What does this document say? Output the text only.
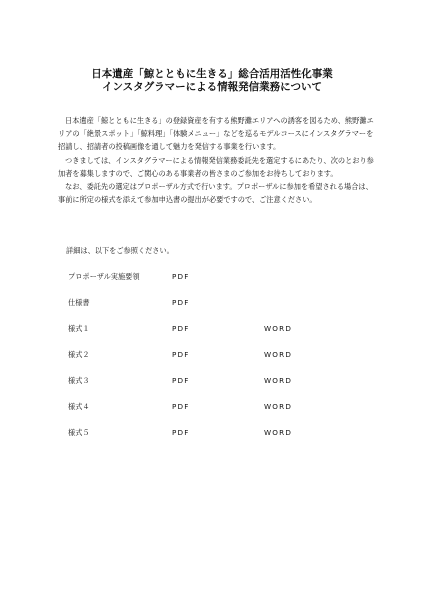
日本遺産「鯨とともに生きる」総合活用活性化事業
インスタグラマーによる情報発信業務について

日本遺産「鯨とともに生きる」の登録資産を有する熊野灘エリアへの誘客を図るため、熊野灘エリアの「絶景スポット」「鯨料理」「体験メニュー」などを巡るモデルコースにインスタグラマーを招請し、招請者の投稿画像を通して魅力を発信する事業を行います。

つきましては、インスタグラマーによる情報発信業務委託先を選定するにあたり、次のとおり参加者を募集しますので、ご関心のある事業者の皆さまのご参加をお待ちしております。

なお、委託先の選定はプロポーザル方式で行います。プロポーザルに参加を希望される場合は、事前に所定の様式を添えて参加申込書の提出が必要ですので、ご注意ください。

詳細は、以下をご参照ください。
プロポーザル実施要領	PDF
仕様書	PDF
様式１	PDF	WORD
様式２	PDF	WORD
様式３	PDF	WORD
様式４	PDF	WORD
様式５	PDF	WORD
